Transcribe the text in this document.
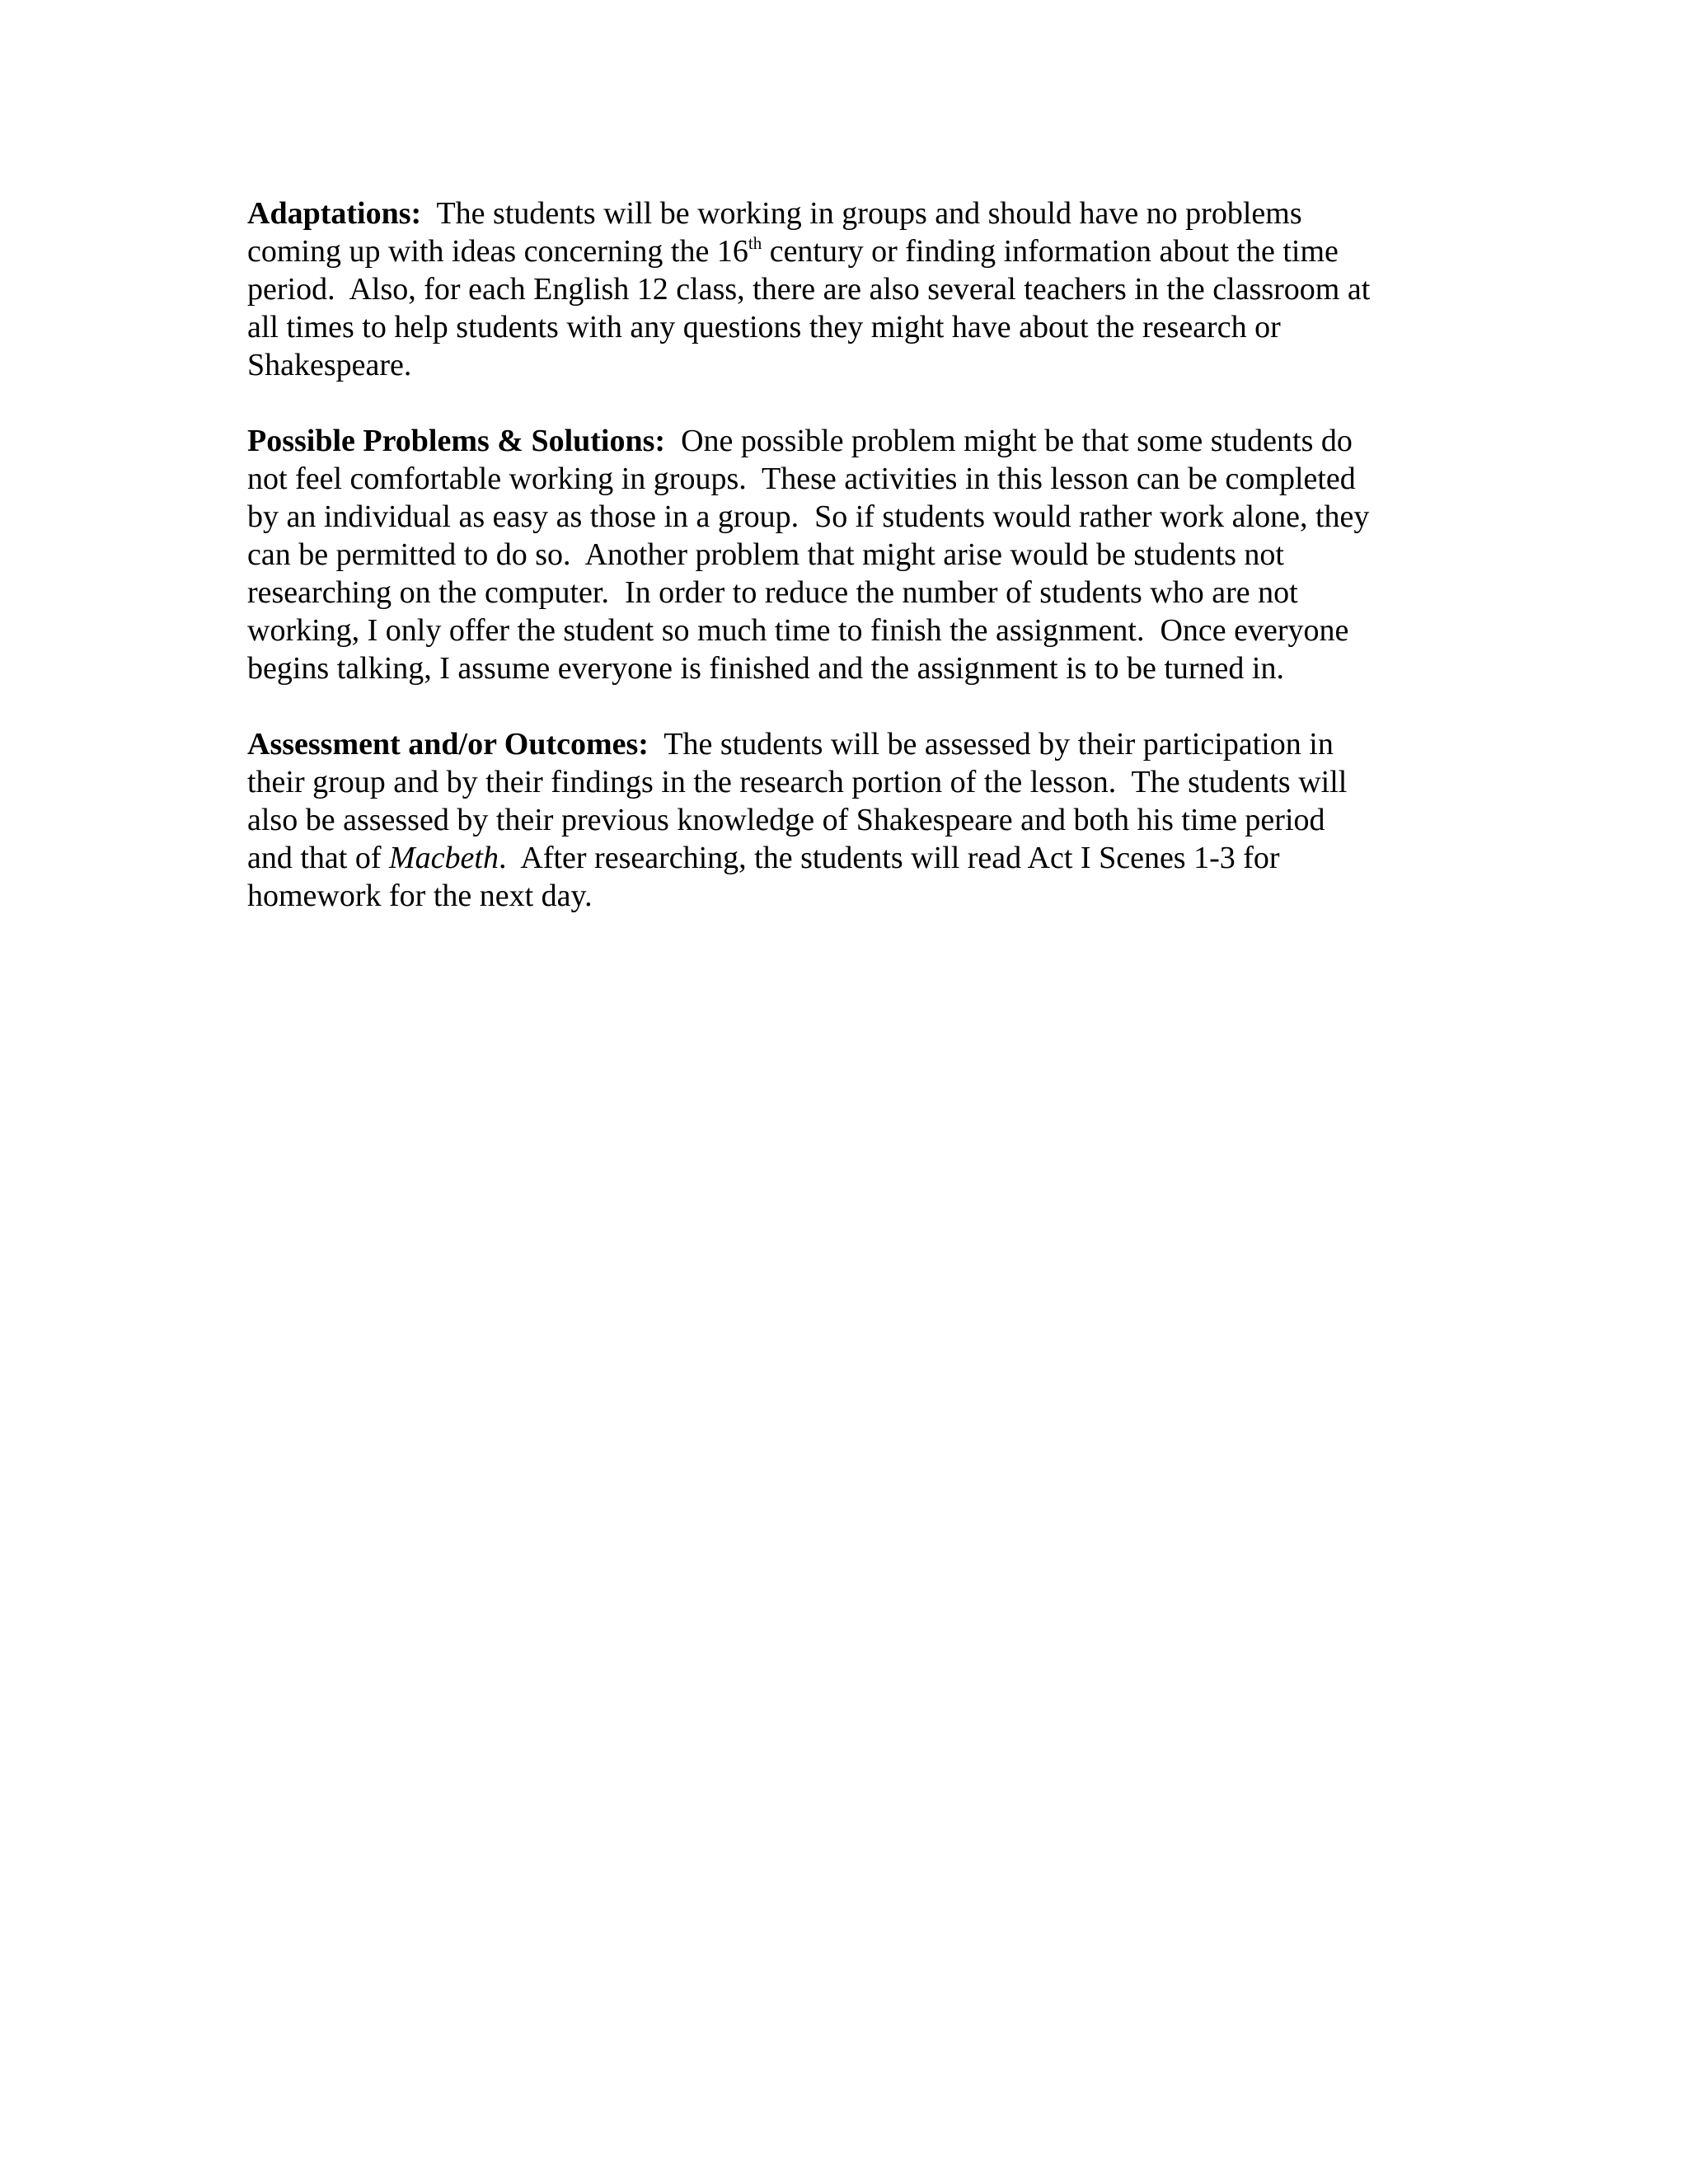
Adaptations:  The students will be working in groups and should have no problems
coming up with ideas concerning the 16th century or finding information about the time
period.  Also, for each English 12 class, there are also several teachers in the classroom at
all times to help students with any questions they might have about the research or
Shakespeare.
Possible Problems & Solutions:  One possible problem might be that some students do
not feel comfortable working in groups.  These activities in this lesson can be completed
by an individual as easy as those in a group.  So if students would rather work alone, they
can be permitted to do so.  Another problem that might arise would be students not
researching on the computer.  In order to reduce the number of students who are not
working, I only offer the student so much time to finish the assignment.  Once everyone
begins talking, I assume everyone is finished and the assignment is to be turned in.
Assessment and/or Outcomes:  The students will be assessed by their participation in
their group and by their findings in the research portion of the lesson.  The students will
also be assessed by their previous knowledge of Shakespeare and both his time period
and that of Macbeth.  After researching, the students will read Act I Scenes 1-3 for
homework for the next day.
